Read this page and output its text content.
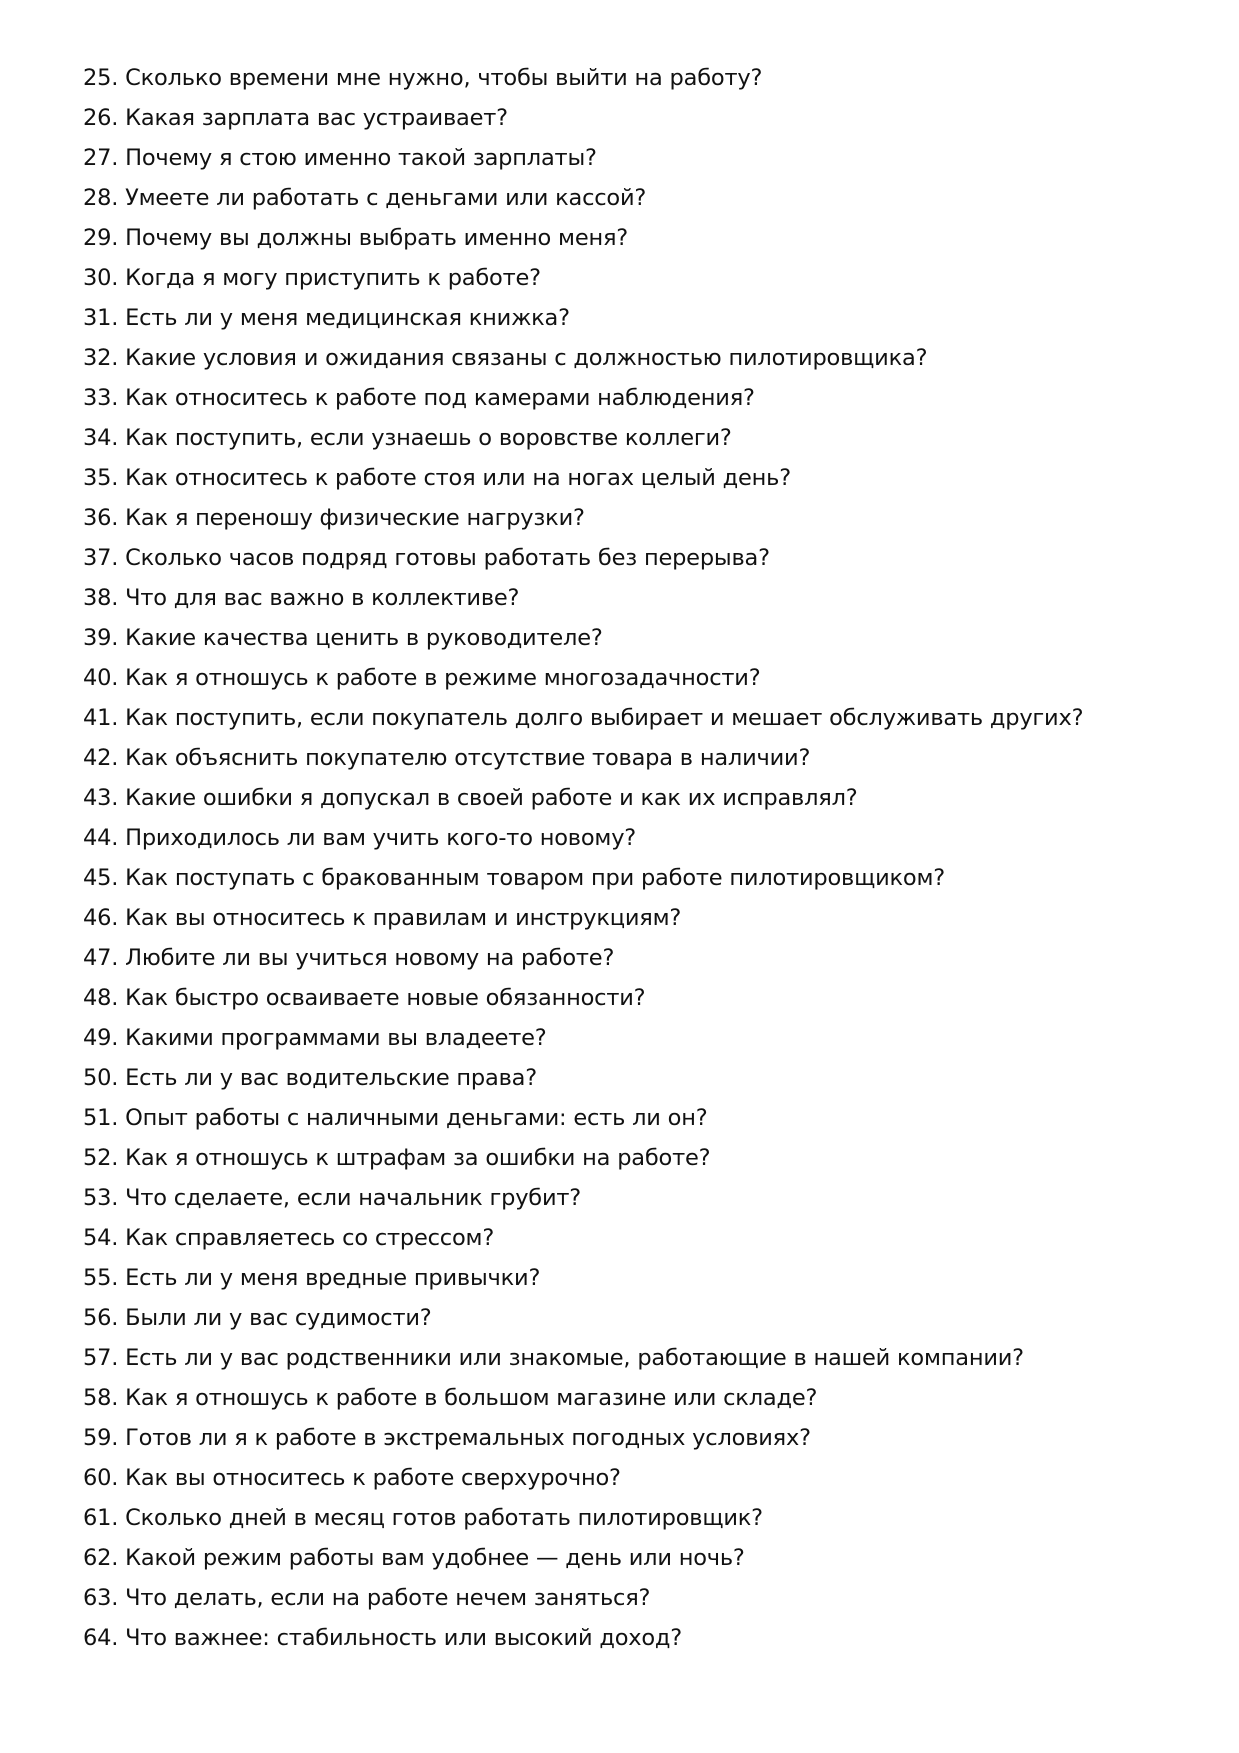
25. Сколько времени мне нужно, чтобы выйти на работу?
26. Какая зарплата вас устраивает?
27. Почему я стою именно такой зарплаты?
28. Умеете ли работать с деньгами или кассой?
29. Почему вы должны выбрать именно меня?
30. Когда я могу приступить к работе?
31. Есть ли у меня медицинская книжка?
32. Какие условия и ожидания связаны с должностью пилотировщика?
33. Как относитесь к работе под камерами наблюдения?
34. Как поступить, если узнаешь о воровстве коллеги?
35. Как относитесь к работе стоя или на ногах целый день?
36. Как я переношу физические нагрузки?
37. Сколько часов подряд готовы работать без перерыва?
38. Что для вас важно в коллективе?
39. Какие качества ценить в руководителе?
40. Как я отношусь к работе в режиме многозадачности?
41. Как поступить, если покупатель долго выбирает и мешает обслуживать других?
42. Как объяснить покупателю отсутствие товара в наличии?
43. Какие ошибки я допускал в своей работе и как их исправлял?
44. Приходилось ли вам учить кого-то новому?
45. Как поступать с бракованным товаром при работе пилотировщиком?
46. Как вы относитесь к правилам и инструкциям?
47. Любите ли вы учиться новому на работе?
48. Как быстро осваиваете новые обязанности?
49. Какими программами вы владеете?
50. Есть ли у вас водительские права?
51. Опыт работы с наличными деньгами: есть ли он?
52. Как я отношусь к штрафам за ошибки на работе?
53. Что сделаете, если начальник грубит?
54. Как справляетесь со стрессом?
55. Есть ли у меня вредные привычки?
56. Были ли у вас судимости?
57. Есть ли у вас родственники или знакомые, работающие в нашей компании?
58. Как я отношусь к работе в большом магазине или складе?
59. Готов ли я к работе в экстремальных погодных условиях?
60. Как вы относитесь к работе сверхурочно?
61. Сколько дней в месяц готов работать пилотировщик?
62. Какой режим работы вам удобнее — день или ночь?
63. Что делать, если на работе нечем заняться?
64. Что важнее: стабильность или высокий доход?
